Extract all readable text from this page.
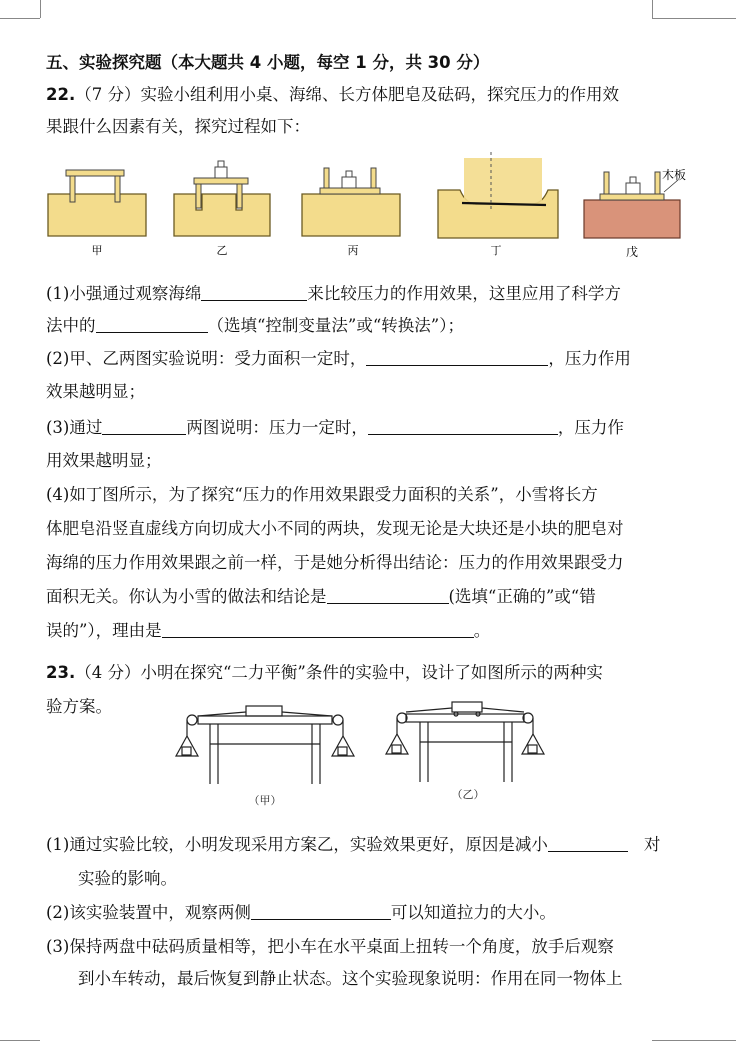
五、实验探究题（本大题共 4 小题，每空 1 分，共 30 分）
22.（7 分）实验小组利用小桌、海绵、长方体肥皂及砝码，探究压力的作用效
果跟什么因素有关，探究过程如下：
甲	乙	丙	丁
木板
戊
(1)小强通过观察海绵	来比较压力的作用效果，这里应用了科学方
法中的	（选填“控制变量法”或“转换法”）；
(2)甲、乙两图实验说明：受力面积一定时，	，压力作用
效果越明显；
(3)通过	两图说明：压力一定时，	，压力作
用效果越明显；
(4)如丁图所示，为了探究“压力的作用效果跟受力面积的关系”，小雪将长方
体肥皂沿竖直虚线方向切成大小不同的两块，发现无论是大块还是小块的肥皂对
海绵的压力作用效果跟之前一样，于是她分析得出结论：压力的作用效果跟受力
面积无关。你认为小雪的做法和结论是	(选填“正确的”或“错
误的”），理由是	。
23.（4 分）小明在探究“二力平衡”条件的实验中，设计了如图所示的两种实
验方案。
（甲）	（乙）
(1)通过实验比较，小明发现采用方案乙，实验效果更好，原因是减小	对
实验的影响。
(2)该实验装置中，观察两侧	可以知道拉力的大小。
(3)保持两盘中砝码质量相等，把小车在水平桌面上扭转一个角度，放手后观察
到小车转动，最后恢复到静止状态。这个实验现象说明：作用在同一物体上
